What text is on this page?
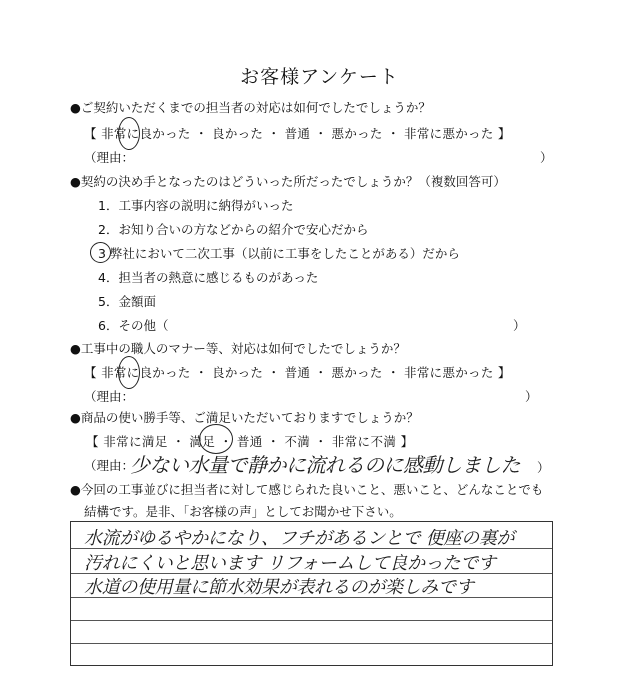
お客様アンケート
●ご契約いただくまでの担当者の対応は如何でしたでしょうか？
【 非常に良かった ・ 良かった ・ 普通 ・ 悪かった ・ 非常に悪かった 】
（理由：	）
●契約の決め手となったのはどういった所だったでしょうか？（複数回答可）
1．工事内容の説明に納得がいった
2．お知り合いの方などからの紹介で安心だから
3 弊社において二次工事（以前に工事をしたことがある）だから
4．担当者の熱意に感じるものがあった
5．金額面
6．その他（	）
●工事中の職人のマナー等、対応は如何でしたでしょうか？
【 非常に良かった ・ 良かった ・ 普通 ・ 悪かった ・ 非常に悪かった 】
（理由：	）
●商品の使い勝手等、ご満足いただいておりますでしょうか？
【 非常に満足 ・ 満足 ・ 普通 ・ 不満 ・ 非常に不満 】
（理由：
少ない水量で静かに流れるのに感動しました ）
●今回の工事並びに担当者に対して感じられた良いこと、悪いこと、どんなことでも
結構です。是非、「お客様の声」としてお聞かせ下さい。
水流がゆるやかになり、フチがあるンとで 便座の裏が
汚れにくいと思います リフォームして良かったです
水道の使用量に節水効果が表れるのが楽しみです
